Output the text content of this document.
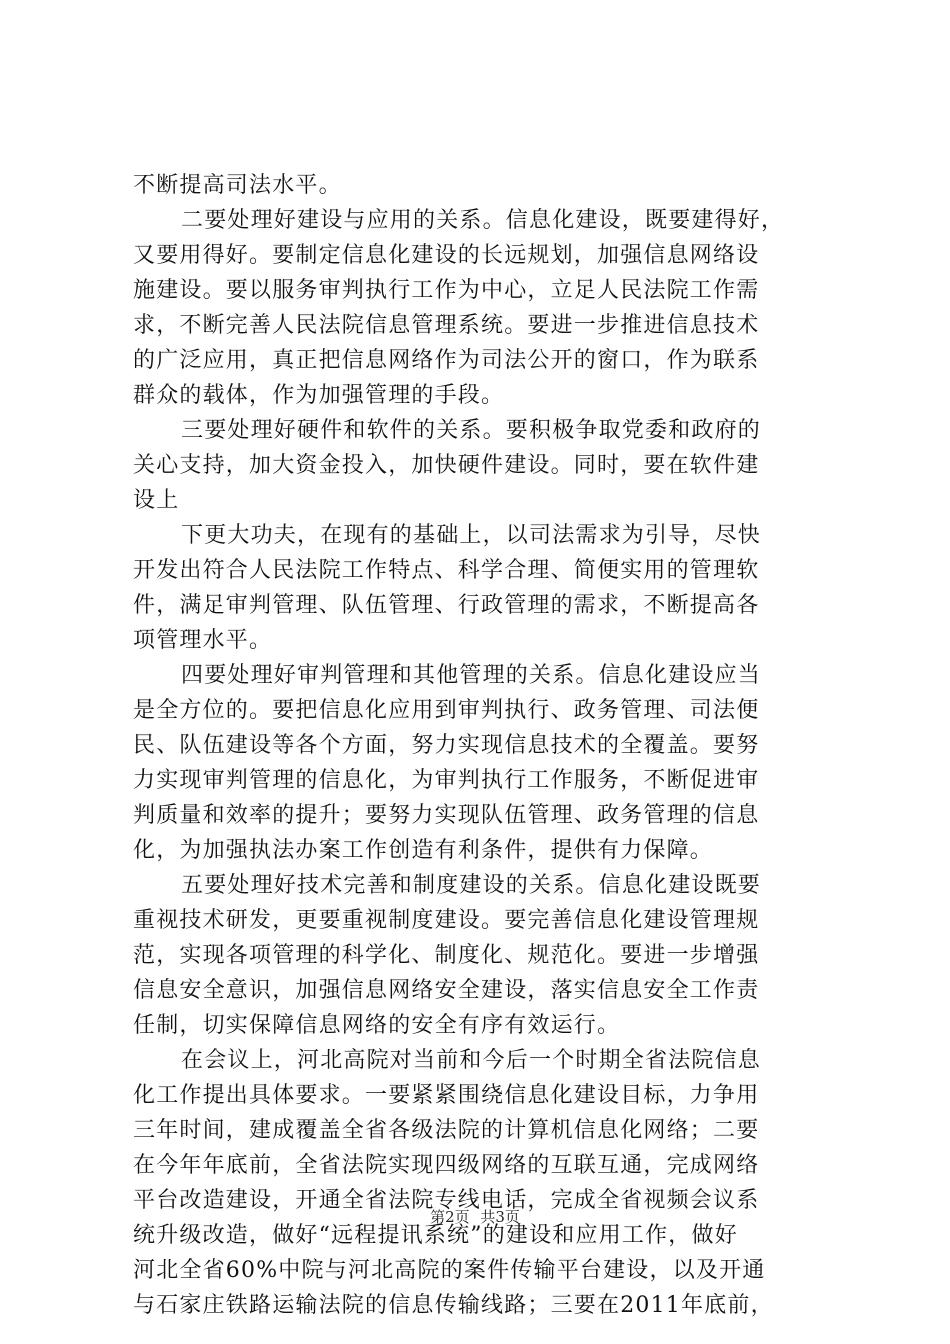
不断提高司法水平。
二要处理好建设与应用的关系。信息化建设，既要建得好，
又要用得好。要制定信息化建设的长远规划，加强信息网络设
施建设。要以服务审判执行工作为中心，立足人民法院工作需
求，不断完善人民法院信息管理系统。要进一步推进信息技术
的广泛应用，真正把信息网络作为司法公开的窗口，作为联系
群众的载体，作为加强管理的手段。
三要处理好硬件和软件的关系。要积极争取党委和政府的
关心支持，加大资金投入，加快硬件建设。同时，要在软件建
设上
下更大功夫，在现有的基础上，以司法需求为引导，尽快
开发出符合人民法院工作特点、科学合理、简便实用的管理软
件，满足审判管理、队伍管理、行政管理的需求，不断提高各
项管理水平。
四要处理好审判管理和其他管理的关系。信息化建设应当
是全方位的。要把信息化应用到审判执行、政务管理、司法便
民、队伍建设等各个方面，努力实现信息技术的全覆盖。要努
力实现审判管理的信息化，为审判执行工作服务，不断促进审
判质量和效率的提升；要努力实现队伍管理、政务管理的信息
化，为加强执法办案工作创造有利条件，提供有力保障。
五要处理好技术完善和制度建设的关系。信息化建设既要
重视技术研发，更要重视制度建设。要完善信息化建设管理规
范，实现各项管理的科学化、制度化、规范化。要进一步增强
信息安全意识，加强信息网络安全建设，落实信息安全工作责
任制，切实保障信息网络的安全有序有效运行。
在会议上，河北高院对当前和今后一个时期全省法院信息
化工作提出具体要求。一要紧紧围绕信息化建设目标，力争用
三年时间，建成覆盖全省各级法院的计算机信息化网络；二要
在今年年底前，全省法院实现四级网络的互联互通，完成网络
平台改造建设，开通全省法院专线电话，完成全省视频会议系
统升级改造，做好“远程提讯系统”的建设和应用工作，做好
河北全省60%中院与河北高院的案件传输平台建设，以及开通
与石家庄铁路运输法院的信息传输线路；三要在2011年底前，
第2页 共3页
